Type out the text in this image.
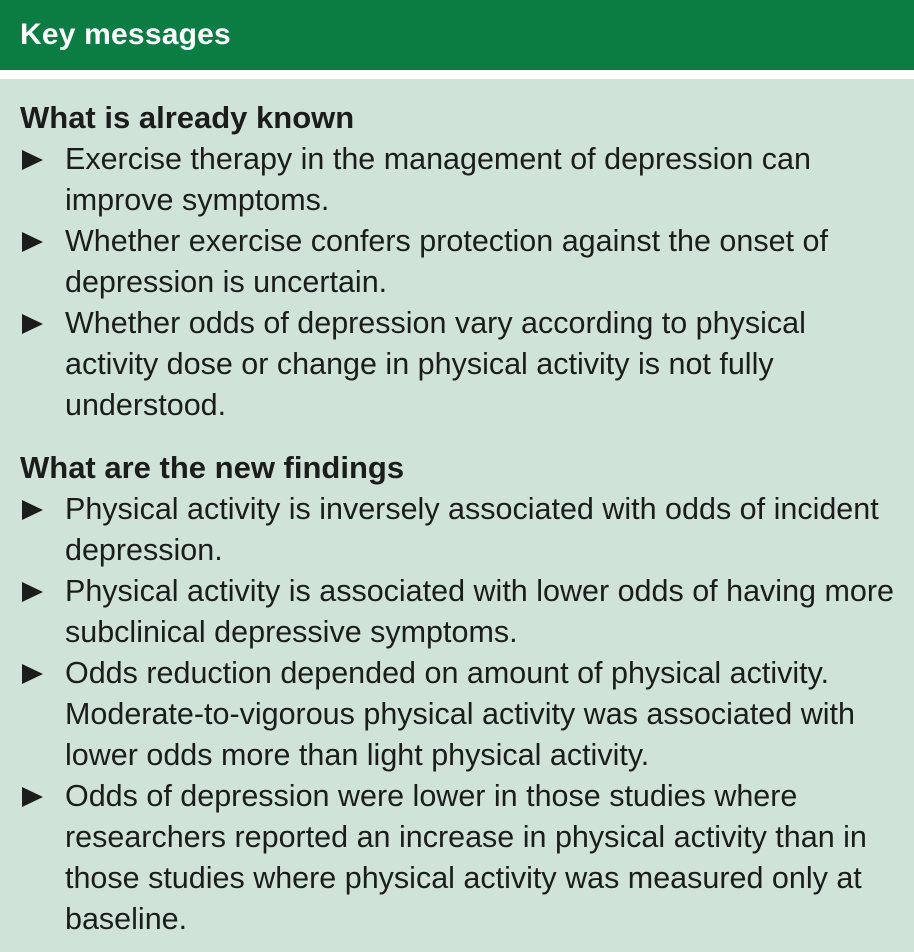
Key messages
What is already known
Exercise therapy in the management of depression can improve symptoms.
Whether exercise confers protection against the onset of depression is uncertain.
Whether odds of depression vary according to physical activity dose or change in physical activity is not fully understood.
What are the new findings
Physical activity is inversely associated with odds of incident depression.
Physical activity is associated with lower odds of having more subclinical depressive symptoms.
Odds reduction depended on amount of physical activity. Moderate-to-vigorous physical activity was associated with lower odds more than light physical activity.
Odds of depression were lower in those studies where researchers reported an increase in physical activity than in those studies where physical activity was measured only at baseline.
